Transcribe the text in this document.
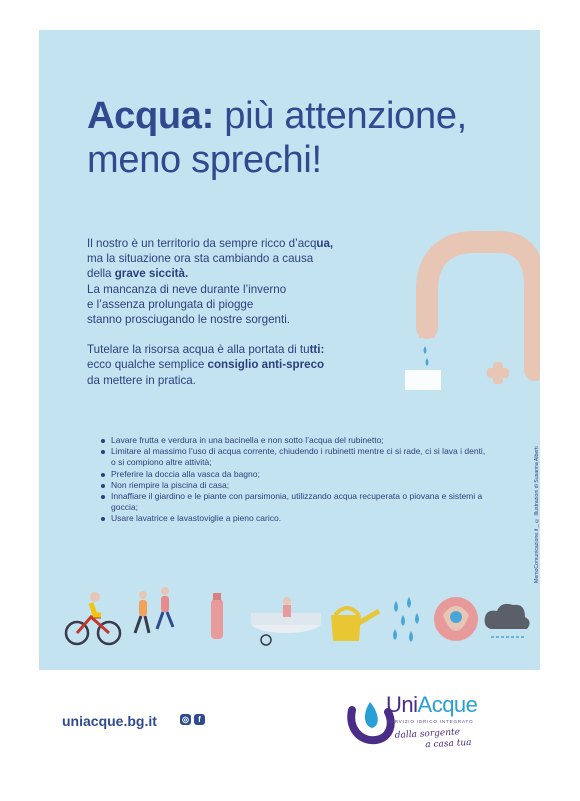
Acqua: più attenzione,
meno sprechi!

Il nostro è un territorio da sempre ricco d’acqua,

ma la situazione ora sta cambiando a causa

della grave siccità.

La mancanza di neve durante l’inverno

e l’assenza prolungata di piogge

stanno prosciugando le nostre sorgenti.

Tutelare la risorsa acqua è alla portata di tutti:

ecco qualche semplice consiglio anti-spreco

da mettere in pratica.

Lavare frutta e verdura in una bacinella e non sotto l’acqua del rubinetto;
Limitare al massimo l’uso di acqua corrente, chiudendo i rubinetti mentre ci si rade, ci si lava i denti, o si compiono altre attività;
Preferire la doccia alla vasca da bagno;
Non riempire la piscina di casa;
Innaffiare il giardino e le piante con parsimonia, utilizzando acqua recuperata o piovana e sistemi a goccia;
Usare lavatrice e lavastoviglie a pieno carico.	MemoComunicazione.it _ © Illustrazioni di Susanna Alberti
uniacque.bg.it	◎	f
UniAcque
SERVIZIO IDRICO INTEGRATO
dalla sorgente
a casa tua
